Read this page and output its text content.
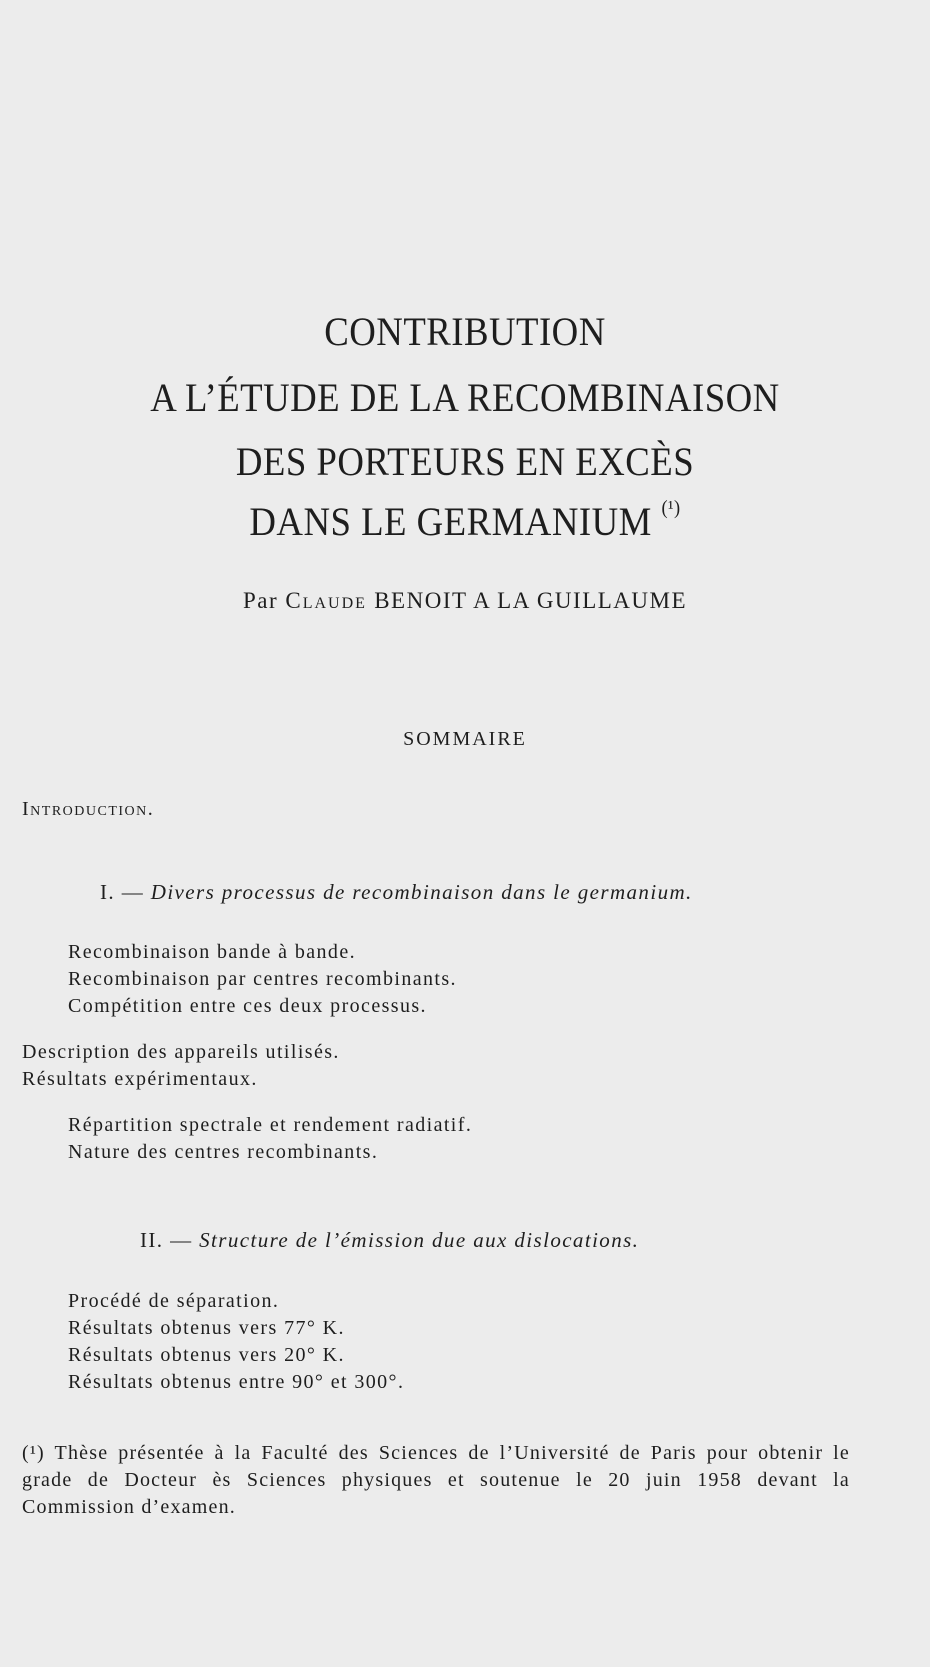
CONTRIBUTION
A L’ÉTUDE DE LA RECOMBINAISON
DES PORTEURS EN EXCÈS
DANS LE GERMANIUM $^{(^1)}$
Par Claude BENOIT A LA GUILLAUME
SOMMAIRE
Introduction.
I. — Divers processus de recombinaison dans le germanium.
Recombinaison bande à bande.
Recombinaison par centres recombinants.
Compétition entre ces deux processus.
Description des appareils utilisés.
Résultats expérimentaux.
Répartition spectrale et rendement radiatif.
Nature des centres recombinants.
II. — Structure de l’émission due aux dislocations.
Procédé de séparation.
Résultats obtenus vers 77° K.
Résultats obtenus vers 20° K.
Résultats obtenus entre 90° et 300°.
(¹) Thèse présentée à la Faculté des Sciences de l’Université de Paris pour obtenir le grade de Docteur ès Sciences physiques et soutenue le 20 juin 1958 devant la Commission d’examen.
